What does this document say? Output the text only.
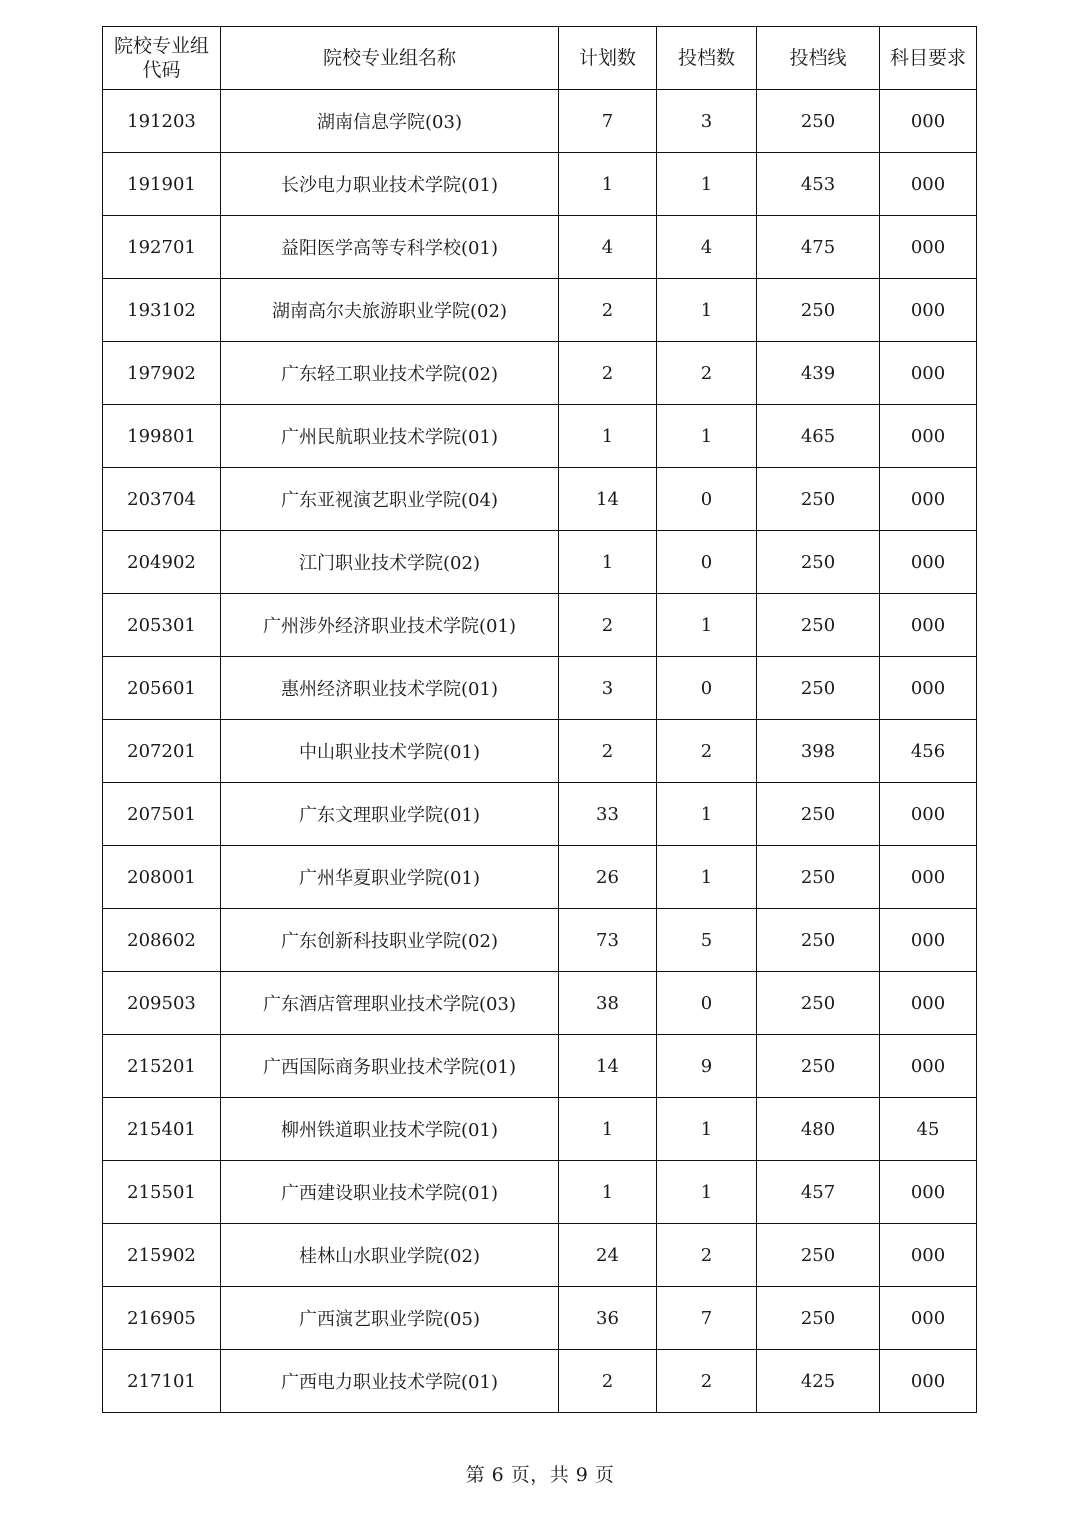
院校专业组代码	院校专业组名称	计划数	投档数	投档线	科目要求
191203	湖南信息学院(03)	7	3	250	000
191901	长沙电力职业技术学院(01)	1	1	453	000
192701	益阳医学高等专科学校(01)	4	4	475	000
193102	湖南高尔夫旅游职业学院(02)	2	1	250	000
197902	广东轻工职业技术学院(02)	2	2	439	000
199801	广州民航职业技术学院(01)	1	1	465	000
203704	广东亚视演艺职业学院(04)	14	0	250	000
204902	江门职业技术学院(02)	1	0	250	000
205301	广州涉外经济职业技术学院(01)	2	1	250	000
205601	惠州经济职业技术学院(01)	3	0	250	000
207201	中山职业技术学院(01)	2	2	398	456
207501	广东文理职业学院(01)	33	1	250	000
208001	广州华夏职业学院(01)	26	1	250	000
208602	广东创新科技职业学院(02)	73	5	250	000
209503	广东酒店管理职业技术学院(03)	38	0	250	000
215201	广西国际商务职业技术学院(01)	14	9	250	000
215401	柳州铁道职业技术学院(01)	1	1	480	45
215501	广西建设职业技术学院(01)	1	1	457	000
215902	桂林山水职业学院(02)	24	2	250	000
216905	广西演艺职业学院(05)	36	7	250	000
217101	广西电力职业技术学院(01)	2	2	425	000
第 6 页，共 9 页
